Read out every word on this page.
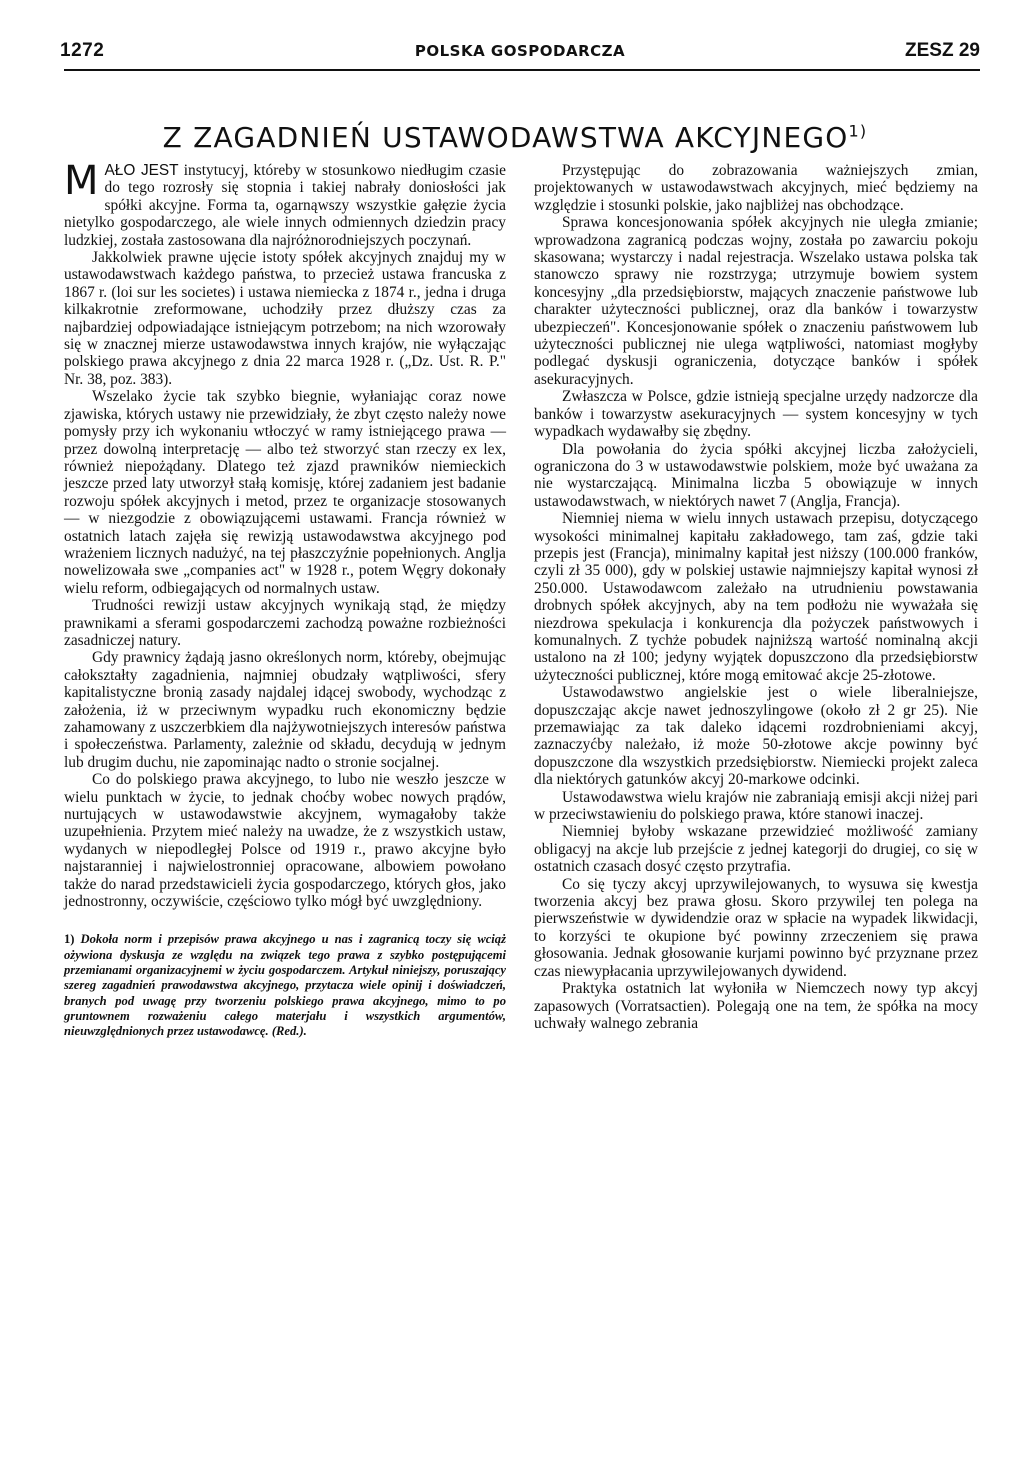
1272	POLSKA GOSPODARCZA	ZESZ 29
Z ZAGADNIEŃ USTAWODAWSTWA AKCYJNEGO$^{1)}$

MAŁO JEST instytucyj, któreby w stosunkowo niedługim czasie do tego rozrosły się stopnia i takiej nabrały doniosłości jak spółki akcyjne. Forma ta, ogarnąwszy wszystkie gałęzie życia nietylko gospodarczego, ale wiele innych odmiennych dziedzin pracy ludzkiej, została zastosowana dla najróżnorodniejszych poczynań.

Jakkolwiek prawne ujęcie istoty spółek akcyjnych znajduj my w ustawodawstwach każdego państwa, to przecież ustawa francuska z 1867 r. (loi sur les societes) i ustawa niemiecka z 1874 r., jedna i druga kilkakrotnie zreformowane, uchodziły przez dłuższy czas za najbardziej odpowiadające istniejącym potrzebom; na nich wzorowały się w znacznej mierze ustawodawstwa innych krajów, nie wyłączając polskiego prawa akcyjnego z dnia 22 marca 1928 r. („Dz. Ust. R. P." Nr. 38, poz. 383).

Wszelako życie tak szybko biegnie, wyłaniając coraz nowe zjawiska, których ustawy nie przewidziały, że zbyt często należy nowe pomysły przy ich wykonaniu wtłoczyć w ramy istniejącego prawa — przez dowolną interpretację — albo też stworzyć stan rzeczy ex lex, również niepożądany. Dlatego też zjazd prawników niemieckich jeszcze przed laty utworzył stałą komisję, której zadaniem jest badanie rozwoju spółek akcyjnych i metod, przez te organizacje stosowanych — w niezgodzie z obowiązującemi ustawami. Francja również w ostatnich latach zajęła się rewizją ustawodawstwa akcyjnego pod wrażeniem licznych nadużyć, na tej płaszczyźnie popełnionych. Anglja nowelizowała swe „companies act" w 1928 r., potem Węgry dokonały wielu reform, odbiegających od normalnych ustaw.

Trudności rewizji ustaw akcyjnych wynikają stąd, że między prawnikami a sferami gospodarczemi zachodzą poważne rozbieżności zasadniczej natury.

Gdy prawnicy żądają jasno określonych norm, któreby, obejmując całokształty zagadnienia, najmniej obudzały wątpliwości, sfery kapitalistyczne bronią zasady najdalej idącej swobody, wychodząc z założenia, iż w przeciwnym wypadku ruch ekonomiczny będzie zahamowany z uszczerbkiem dla najżywotniejszych interesów państwa i społeczeństwa. Parlamenty, zależnie od składu, decydują w jednym lub drugim duchu, nie zapominając nadto o stronie socjalnej.

Co do polskiego prawa akcyjnego, to lubo nie weszło jeszcze w wielu punktach w życie, to jednak choćby wobec nowych prądów, nurtujących w ustawodawstwie akcyjnem, wymagałoby także uzupełnienia. Przytem mieć należy na uwadze, że z wszystkich ustaw, wydanych w niepodległej Polsce od 1919 r., prawo akcyjne było najstaranniej i najwielostronniej opracowane, albowiem powołano także do narad przedstawicieli życia gospodarczego, których głos, jako jednostronny, oczywiście, częściowo tylko mógł być uwzględniony.

1) Dokoła norm i przepisów prawa akcyjnego u nas i zagranicą toczy się wciąż ożywiona dyskusja ze względu na związek tego prawa z szybko postępującemi przemianami organizacyjnemi w życiu gospodarczem. Artykuł niniejszy, poruszający szereg zagadnień prawodawstwa akcyjnego, przytacza wiele opinij i doświadczeń, branych pod uwagę przy tworzeniu polskiego prawa akcyjnego, mimo to po gruntownem rozważeniu całego materjału i wszystkich argumentów, nieuwzględnionych przez ustawodawcę. (Red.).

Przystępując do zobrazowania ważniejszych zmian, projektowanych w ustawodawstwach akcyjnych, mieć będziemy na względzie i stosunki polskie, jako najbliżej nas obchodzące.

Sprawa koncesjonowania spółek akcyjnych nie uległa zmianie; wprowadzona zagranicą podczas wojny, została po zawarciu pokoju skasowana; wystarczy i nadal rejestracja. Wszelako ustawa polska tak stanowczo sprawy nie rozstrzyga; utrzymuje bowiem system koncesyjny „dla przedsiębiorstw, mających znaczenie państwowe lub charakter użyteczności publicznej, oraz dla banków i towarzystw ubezpieczeń". Koncesjonowanie spółek o znaczeniu państwowem lub użyteczności publicznej nie ulega wątpliwości, natomiast mogłyby podlegać dyskusji ograniczenia, dotyczące banków i spółek asekuracyjnych.

Zwłaszcza w Polsce, gdzie istnieją specjalne urzędy nadzorcze dla banków i towarzystw asekuracyjnych — system koncesyjny w tych wypadkach wydawałby się zbędny.

Dla powołania do życia spółki akcyjnej liczba założycieli, ograniczona do 3 w ustawodawstwie polskiem, może być uważana za nie wystarczającą. Minimalna liczba 5 obowiązuje w innych ustawodawstwach, w niektórych nawet 7 (Anglja, Francja).

Niemniej niema w wielu innych ustawach przepisu, dotyczącego wysokości minimalnej kapitału zakładowego, tam zaś, gdzie taki przepis jest (Francja), minimalny kapitał jest niższy (100.000 franków, czyli zł 35 000), gdy w polskiej ustawie najmniejszy kapitał wynosi zł 250.000. Ustawodawcom zależało na utrudnieniu powstawania drobnych spółek akcyjnych, aby na tem podłożu nie wyważała się niezdrowa spekulacja i konkurencja dla pożyczek państwowych i komunalnych. Z tychże pobudek najniższą wartość nominalną akcji ustalono na zł 100; jedyny wyjątek dopuszczono dla przedsiębiorstw użyteczności publicznej, które mogą emitować akcje 25-złotowe.

Ustawodawstwo angielskie jest o wiele liberalniejsze, dopuszczając akcje nawet jednoszylingowe (około zł 2 gr 25). Nie przemawiając za tak daleko idącemi rozdrobnieniami akcyj, zaznaczyćby należało, iż może 50-złotowe akcje powinny być dopuszczone dla wszystkich przedsiębiorstw. Niemiecki projekt zaleca dla niektórych gatunków akcyj 20-markowe odcinki.

Ustawodawstwa wielu krajów nie zabraniają emisji akcji niżej pari w przeciwstawieniu do polskiego prawa, które stanowi inaczej.

Niemniej byłoby wskazane przewidzieć możliwość zamiany obligacyj na akcje lub przejście z jednej kategorji do drugiej, co się w ostatnich czasach dosyć często przytrafia.

Co się tyczy akcyj uprzywilejowanych, to wysuwa się kwestja tworzenia akcyj bez prawa głosu. Skoro przywilej ten polega na pierwszeństwie w dywidendzie oraz w spłacie na wypadek likwidacji, to korzyści te okupione być powinny zrzeczeniem się prawa głosowania. Jednak głosowanie kurjami powinno być przyznane przez czas niewypłacania uprzywilejowanych dywidend.

Praktyka ostatnich lat wyłoniła w Niemczech nowy typ akcyj zapasowych (Vorratsactien). Polegają one na tem, że spółka na mocy uchwały walnego zebrania
